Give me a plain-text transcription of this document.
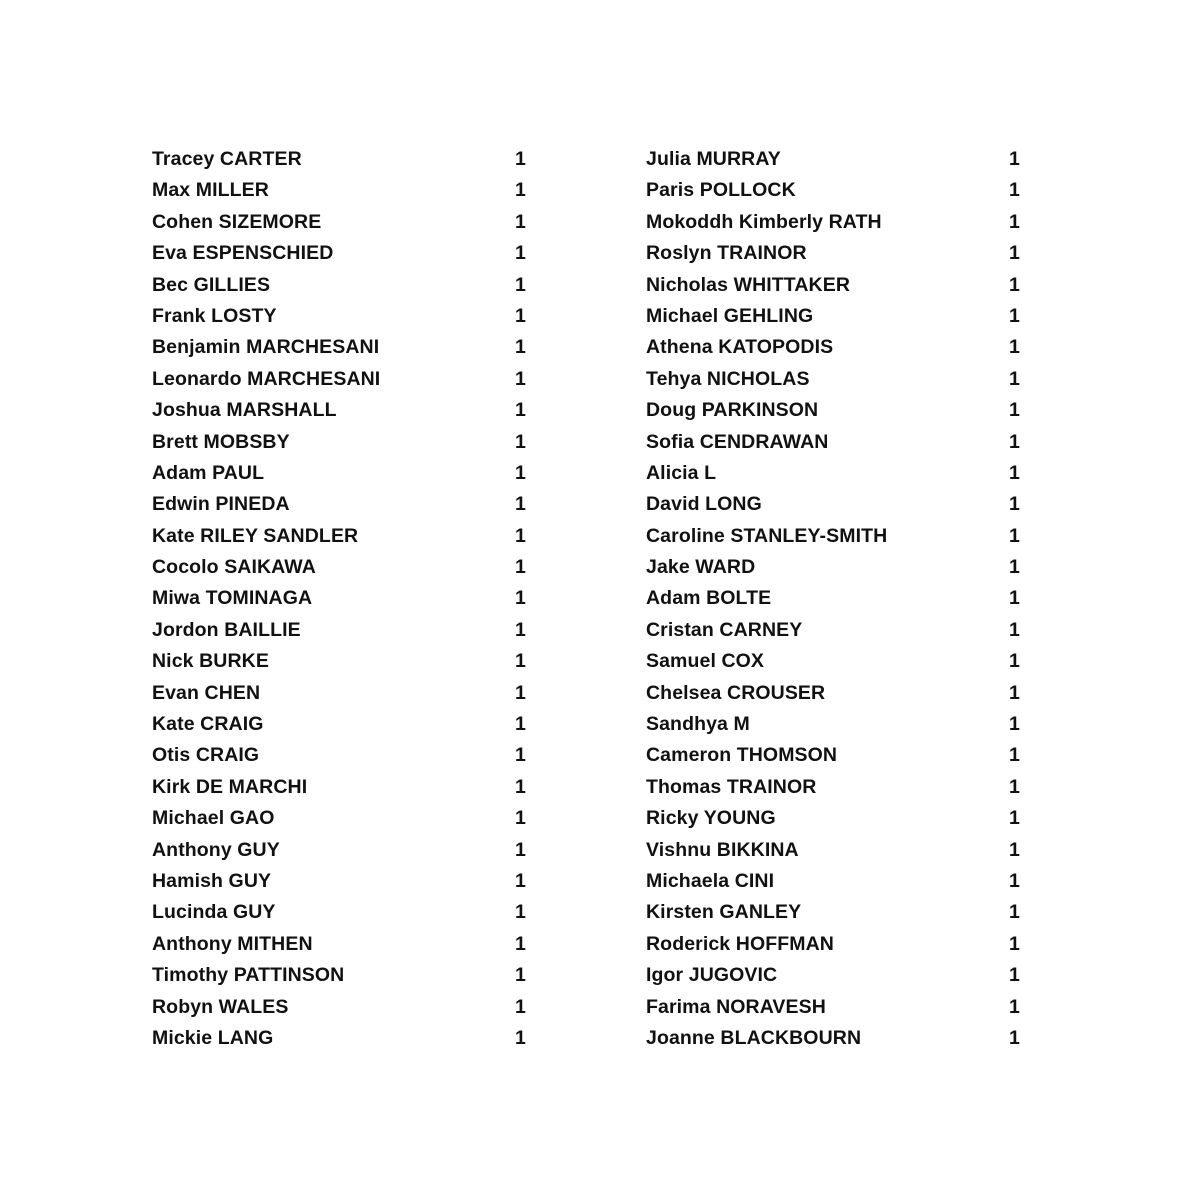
Tracey CARTER	1
Max MILLER	1
Cohen SIZEMORE	1
Eva ESPENSCHIED	1
Bec GILLIES	1
Frank LOSTY	1
Benjamin MARCHESANI	1
Leonardo MARCHESANI	1
Joshua MARSHALL	1
Brett MOBSBY	1
Adam PAUL	1
Edwin PINEDA	1
Kate RILEY SANDLER	1
Cocolo SAIKAWA	1
Miwa TOMINAGA	1
Jordon BAILLIE	1
Nick BURKE	1
Evan CHEN	1
Kate CRAIG	1
Otis CRAIG	1
Kirk DE MARCHI	1
Michael GAO	1
Anthony GUY	1
Hamish GUY	1
Lucinda GUY	1
Anthony MITHEN	1
Timothy PATTINSON	1
Robyn WALES	1
Mickie LANG	1
Julia MURRAY	1
Paris POLLOCK	1
Mokoddh Kimberly RATH	1
Roslyn TRAINOR	1
Nicholas WHITTAKER	1
Michael GEHLING	1
Athena KATOPODIS	1
Tehya NICHOLAS	1
Doug PARKINSON	1
Sofia CENDRAWAN	1
Alicia L	1
David LONG	1
Caroline STANLEY-SMITH	1
Jake WARD	1
Adam BOLTE	1
Cristan CARNEY	1
Samuel COX	1
Chelsea CROUSER	1
Sandhya M	1
Cameron THOMSON	1
Thomas TRAINOR	1
Ricky YOUNG	1
Vishnu BIKKINA	1
Michaela CINI	1
Kirsten GANLEY	1
Roderick HOFFMAN	1
Igor JUGOVIC	1
Farima NORAVESH	1
Joanne BLACKBOURN	1
